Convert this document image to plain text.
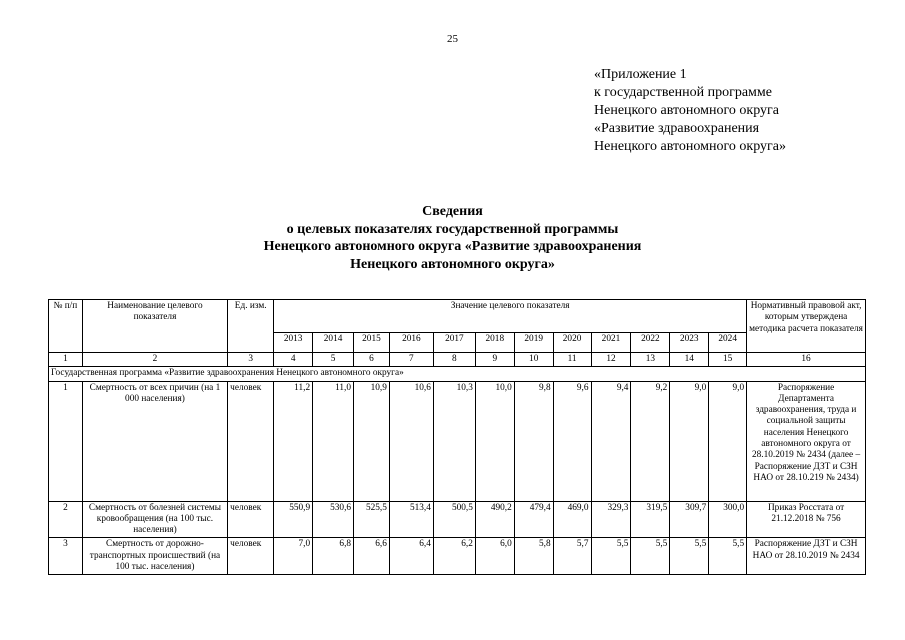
25
«Приложение 1
к государственной программе
Ненецкого автономного округа
«Развитие здравоохранения
Ненецкого автономного округа»
Сведения
о целевых показателях государственной программы
Ненецкого автономного округа «Развитие здравоохранения
Ненецкого автономного округа»
№ п/п	Наименование целевого показателя	Ед. изм.	Значение целевого показателя												Нормативный правовой акт, которым утверждена методика расчета показателя
			2013	2014	2015	2016	2017	2018	2019	2020	2021	2022	2023	2024	
1	2	3	4	5	6	7	8	9	10	11	12	13	14	15	16
Государственная программа «Развитие здравоохранения Ненецкого автономного округа»															
1	Смертность от всех причин (на 1 000 населения)	человек	11,2	11,0	10,9	10,6	10,3	10,0	9,8	9,6	9,4	9,2	9,0	9,0	Распоряжение Департамента здравоохранения, труда и социальной защиты населения Ненецкого автономного округа от 28.10.2019 № 2434 (далее – Распоряжение ДЗТ и СЗН НАО от 28.10.219 № 2434)
2	Смертность от болезней системы кровообращения (на 100 тыс. населения)	человек	550,9	530,6	525,5	513,4	500,5	490,2	479,4	469,0	329,3	319,5	309,7	300,0	Приказ Росстата от 21.12.2018 № 756
3	Смертность от дорожно-транспортных происшествий (на 100 тыс. населения)	человек	7,0	6,8	6,6	6,4	6,2	6,0	5,8	5,7	5,5	5,5	5,5	5,5	Распоряжение ДЗТ и СЗН НАО от 28.10.2019 № 2434
